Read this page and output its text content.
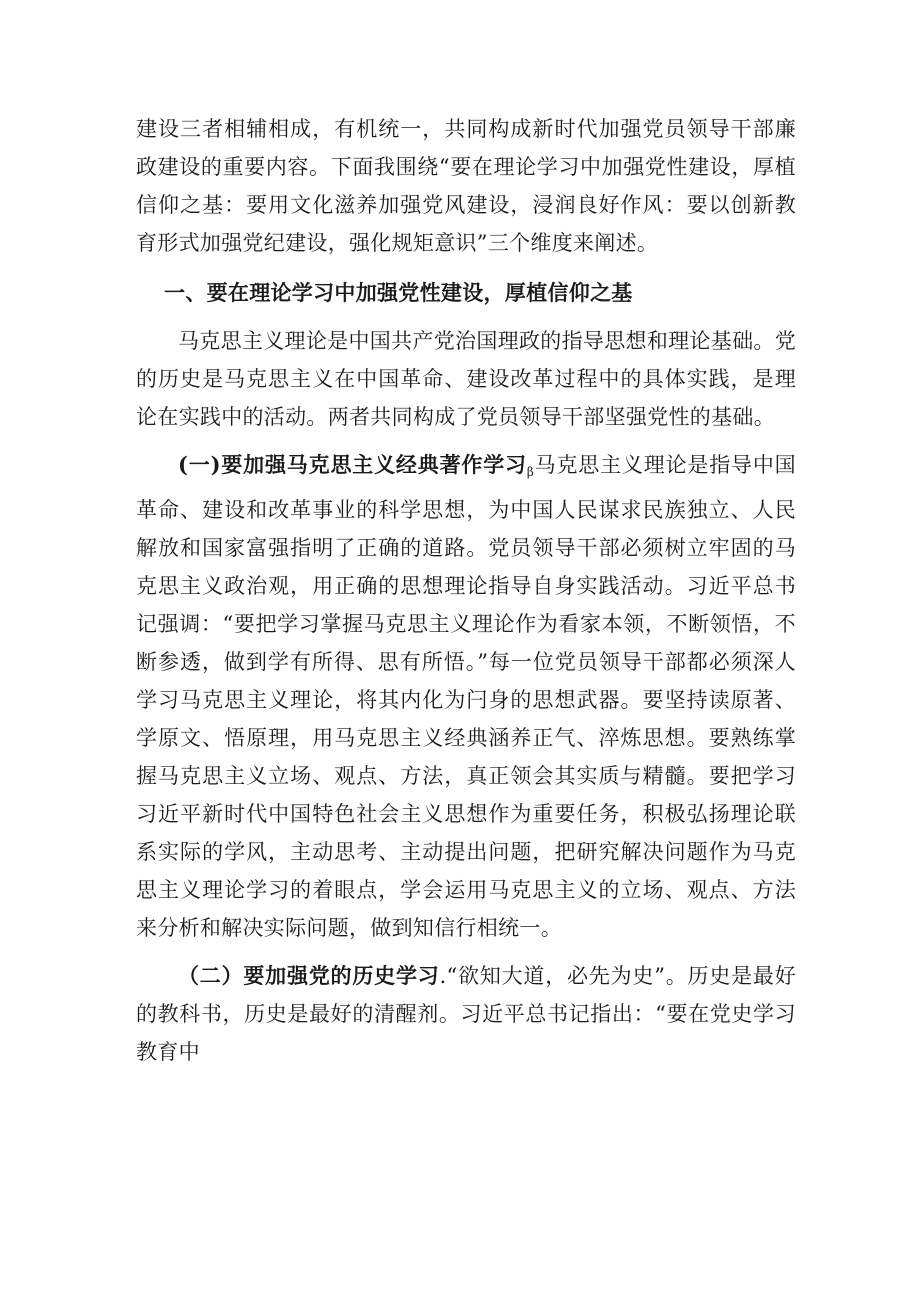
建设三者相辅相成，有机统一，共同构成新时代加强党员领导干部廉政建设的重要内容。下面我围绕“要在理论学习中加强党性建设，厚植信仰之基：要用文化滋养加强党风建设，浸润良好作风：要以创新教育形式加强党纪建设，强化规矩意识”三个维度来阐述。

一、要在理论学习中加强党性建设，厚植信仰之基

马克思主义理论是中国共产党治国理政的指导思想和理论基础。党的历史是马克思主义在中国革命、建设改革过程中的具体实践，是理论在实践中的活动。两者共同构成了党员领导干部坚强党性的基础。

(一)要加强马克思主义经典著作学习$_\beta$马克思主义理论是指导中国革命、建设和改革事业的科学思想，为中国人民谋求民族独立、人民解放和国家富强指明了正确的道路。党员领导干部必须树立牢固的马克思主义政治观，用正确的思想理论指导自身实践活动。习近平总书记强调：“要把学习掌握马克思主义理论作为看家本领，不断领悟，不断参透，做到学有所得、思有所悟。”每一位党员领导干部都必须深人学习马克思主义理论，将其内化为闩身的思想武器。要坚持读原著、学原文、悟原理，用马克思主义经典涵养正气、淬炼思想。要熟练掌握马克思主义立场、观点、方法，真正领会其实质与精髓。要把学习习近平新时代中国特色社会主义思想作为重要任务，积极弘扬理论联系实际的学风，主动思考、主动提出问题，把研究解决问题作为马克思主义理论学习的着眼点，学会运用马克思主义的立场、观点、方法来分析和解决实际问题，做到知信行相统一。

（二）要加强党的历史学习.“欲知大道，必先为史”。历史是最好的教科书，历史是最好的清醒剂。习近平总书记指出：“要在党史学习教育中
